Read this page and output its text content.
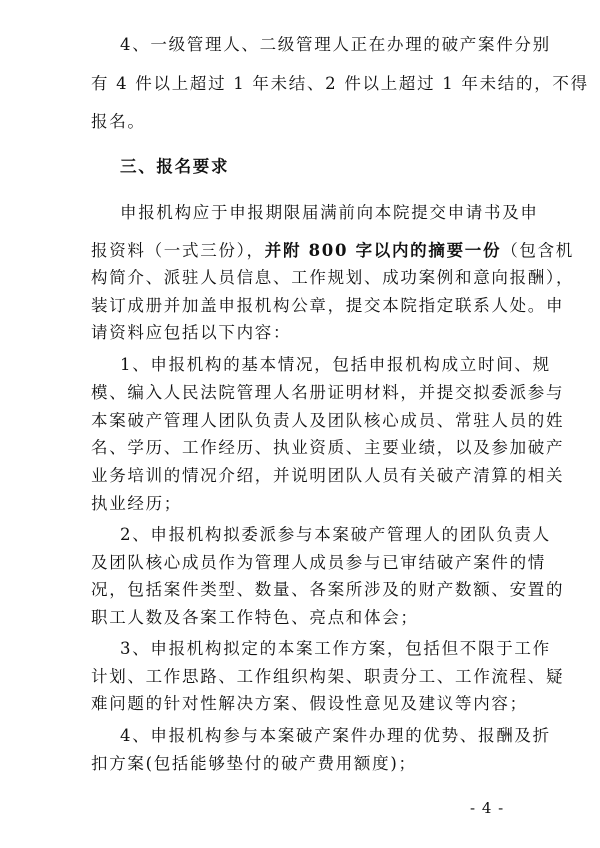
4、一级管理人、二级管理人正在办理的破产案件分别
有 4 件以上超过 1 年未结、2 件以上超过 1 年未结的，不得
报名。
三、报名要求
申报机构应于申报期限届满前向本院提交申请书及申
报资料（一式三份），并附 800 字以内的摘要一份（包含机
构简介、派驻人员信息、工作规划、成功案例和意向报酬），
装订成册并加盖申报机构公章，提交本院指定联系人处。申
请资料应包括以下内容：
1、申报机构的基本情况，包括申报机构成立时间、规
模、编入人民法院管理人名册证明材料，并提交拟委派参与
本案破产管理人团队负责人及团队核心成员、常驻人员的姓
名、学历、工作经历、执业资质、主要业绩，以及参加破产
业务培训的情况介绍，并说明团队人员有关破产清算的相关
执业经历；
2、申报机构拟委派参与本案破产管理人的团队负责人
及团队核心成员作为管理人成员参与已审结破产案件的情
况，包括案件类型、数量、各案所涉及的财产数额、安置的
职工人数及各案工作特色、亮点和体会；
3、申报机构拟定的本案工作方案，包括但不限于工作
计划、工作思路、工作组织构架、职责分工、工作流程、疑
难问题的针对性解决方案、假设性意见及建议等内容；
4、申报机构参与本案破产案件办理的优势、报酬及折
扣方案(包括能够垫付的破产费用额度)；
- 4 -
